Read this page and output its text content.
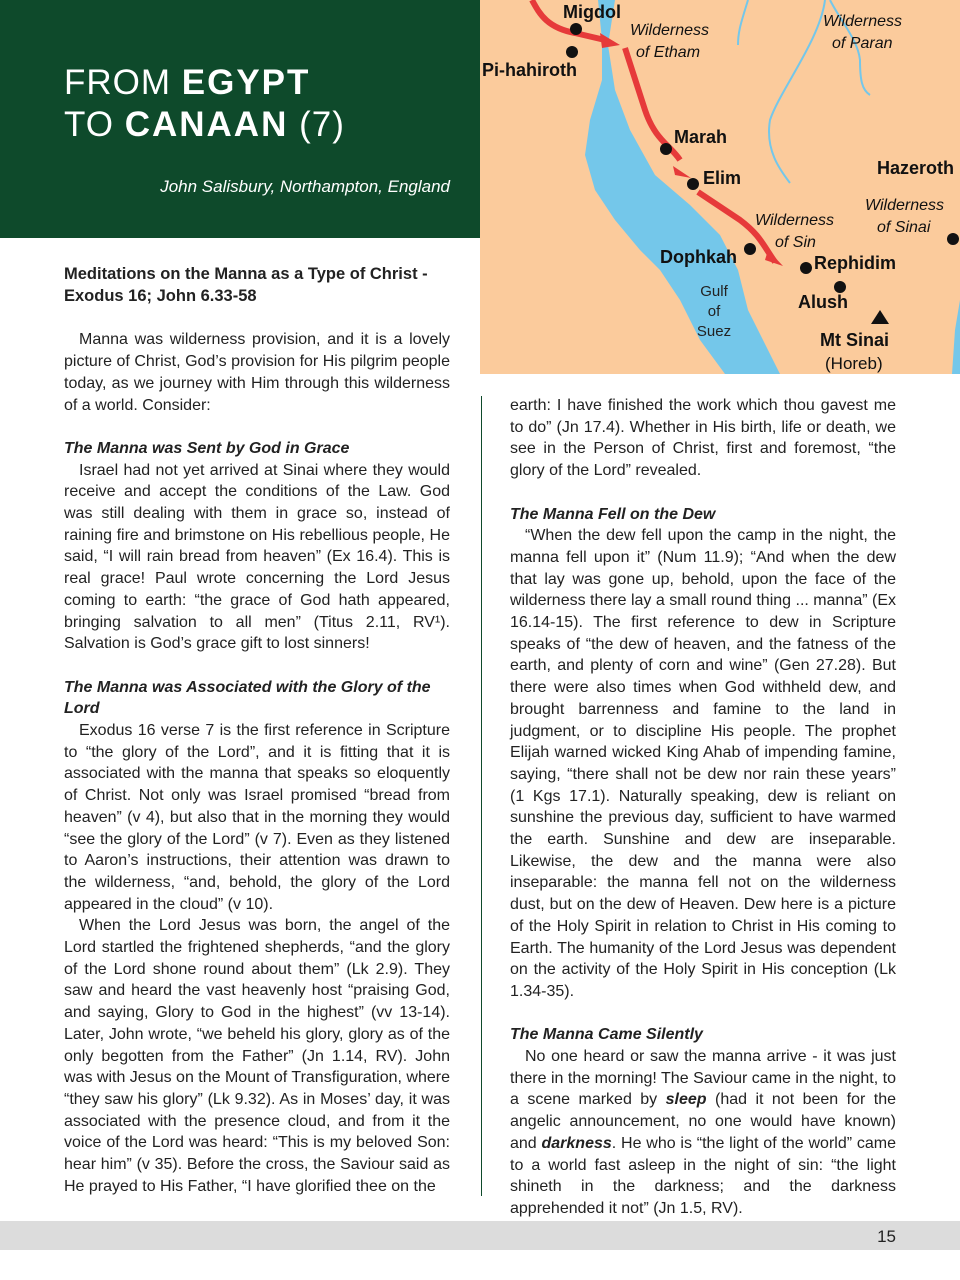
FROM EGYPT
TO CANAAN (7)
John Salisbury, Northampton, England
Migdol
Pi-hahiroth
Marah
Elim
Dophkah	Rephidim
Alush
Mt Sinai
(Horeb)
Hazeroth
Wilderness
of Etham
Wilderness
of Paran
Wilderness
of Sin
Wilderness
of Sinai
Gulf
of
Suez
Meditations on the Manna as a Type of Christ - Exodus 16; John 6.33-58

Manna was wilderness provision, and it is a lovely picture of Christ, God’s provision for His pilgrim people today, as we journey with Him through this wilderness of a world. Consider:

The Manna was Sent by God in Grace

Israel had not yet arrived at Sinai where they would receive and accept the conditions of the Law. God was still dealing with them in grace so, instead of raining fire and brimstone on His rebellious people, He said, “I will rain bread from heaven” (Ex 16.4). This is real grace! Paul wrote concerning the Lord Jesus coming to earth: “the grace of God hath appeared, bringing salvation to all men” (Titus 2.11, RV¹). Salvation is God’s grace gift to lost sinners!

The Manna was Associated with the Glory of the Lord

Exodus 16 verse 7 is the first reference in Scripture to “the glory of the Lord”, and it is fitting that it is associated with the manna that speaks so eloquently of Christ. Not only was Israel promised “bread from heaven” (v 4), but also that in the morning they would “see the glory of the Lord” (v 7). Even as they listened to Aaron’s instructions, their attention was drawn to the wilderness, “and, behold, the glory of the Lord appeared in the cloud” (v 10).

When the Lord Jesus was born, the angel of the Lord startled the frightened shepherds, “and the glory of the Lord shone round about them” (Lk 2.9). They saw and heard the vast heavenly host “praising God, and saying, Glory to God in the highest” (vv 13-14). Later, John wrote, “we beheld his glory, glory as of the only begotten from the Father” (Jn 1.14, RV). John was with Jesus on the Mount of Transfiguration, where “they saw his glory” (Lk 9.32). As in Moses’ day, it was associated with the presence cloud, and from it the voice of the Lord was heard: “This is my beloved Son: hear him” (v 35). Before the cross, the Saviour said as He prayed to His Father, “I have glorified thee on the

earth: I have finished the work which thou gavest me to do” (Jn 17.4). Whether in His birth, life or death, we see in the Person of Christ, first and foremost, “the glory of the Lord” revealed.

The Manna Fell on the Dew

“When the dew fell upon the camp in the night, the manna fell upon it” (Num 11.9); “And when the dew that lay was gone up, behold, upon the face of the wilderness there lay a small round thing ... manna” (Ex 16.14-15). The first reference to dew in Scripture speaks of “the dew of heaven, and the fatness of the earth, and plenty of corn and wine” (Gen 27.28). But there were also times when God withheld dew, and brought barrenness and famine to the land in judgment, or to discipline His people. The prophet Elijah warned wicked King Ahab of impending famine, saying, “there shall not be dew nor rain these years” (1 Kgs 17.1). Naturally speaking, dew is reliant on sunshine the previous day, sufficient to have warmed the earth. Sunshine and dew are inseparable. Likewise, the dew and the manna were also inseparable: the manna fell not on the wilderness dust, but on the dew of Heaven. Dew here is a picture of the Holy Spirit in relation to Christ in His coming to Earth. The humanity of the Lord Jesus was dependent on the activity of the Holy Spirit in His conception (Lk 1.34-35).

The Manna Came Silently

No one heard or saw the manna arrive - it was just there in the morning! The Saviour came in the night, to a scene marked by sleep (had it not been for the angelic announcement, no one would have known) and darkness. He who is “the light of the world” came to a world fast asleep in the night of sin: “the light shineth in the darkness; and the darkness apprehended it not” (Jn 1.5, RV).

15
